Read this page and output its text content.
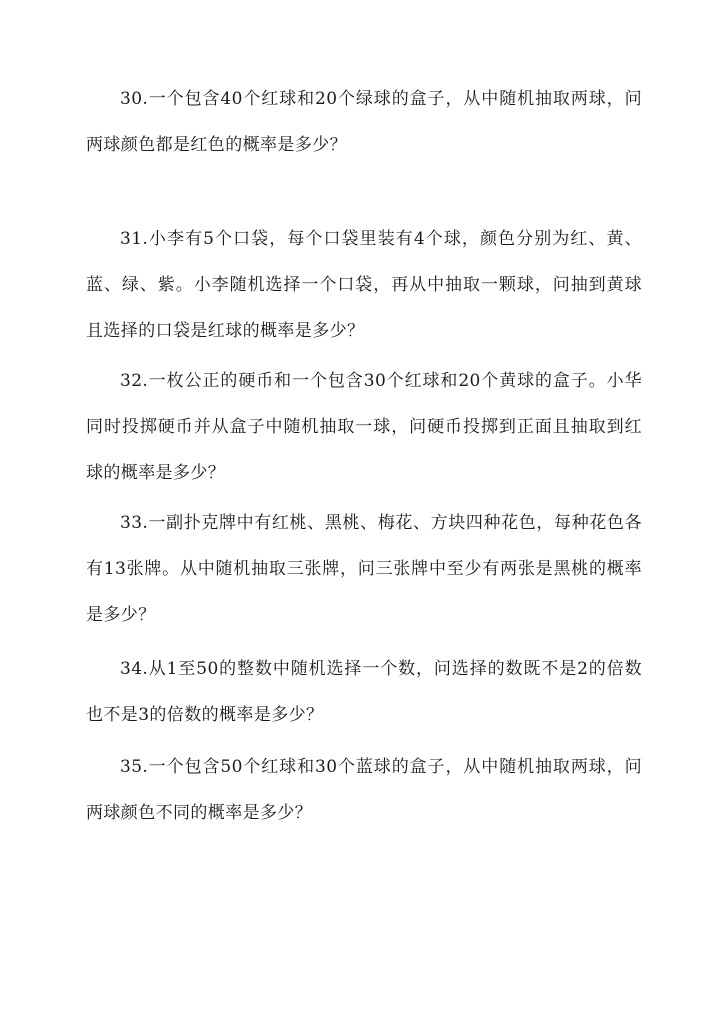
30.一个包含40个红球和20个绿球的盒子，从中随机抽取两球，问两球颜色都是红色的概率是多少？

31.小李有5个口袋，每个口袋里装有4个球，颜色分别为红、黄、蓝、绿、紫。小李随机选择一个口袋，再从中抽取一颗球，问抽到黄球且选择的口袋是红球的概率是多少？

32.一枚公正的硬币和一个包含30个红球和20个黄球的盒子。小华同时投掷硬币并从盒子中随机抽取一球，问硬币投掷到正面且抽取到红球的概率是多少？

33.一副扑克牌中有红桃、黑桃、梅花、方块四种花色，每种花色各有13张牌。从中随机抽取三张牌，问三张牌中至少有两张是黑桃的概率是多少？

34.从1至50的整数中随机选择一个数，问选择的数既不是2的倍数也不是3的倍数的概率是多少？

35.一个包含50个红球和30个蓝球的盒子，从中随机抽取两球，问两球颜色不同的概率是多少？
